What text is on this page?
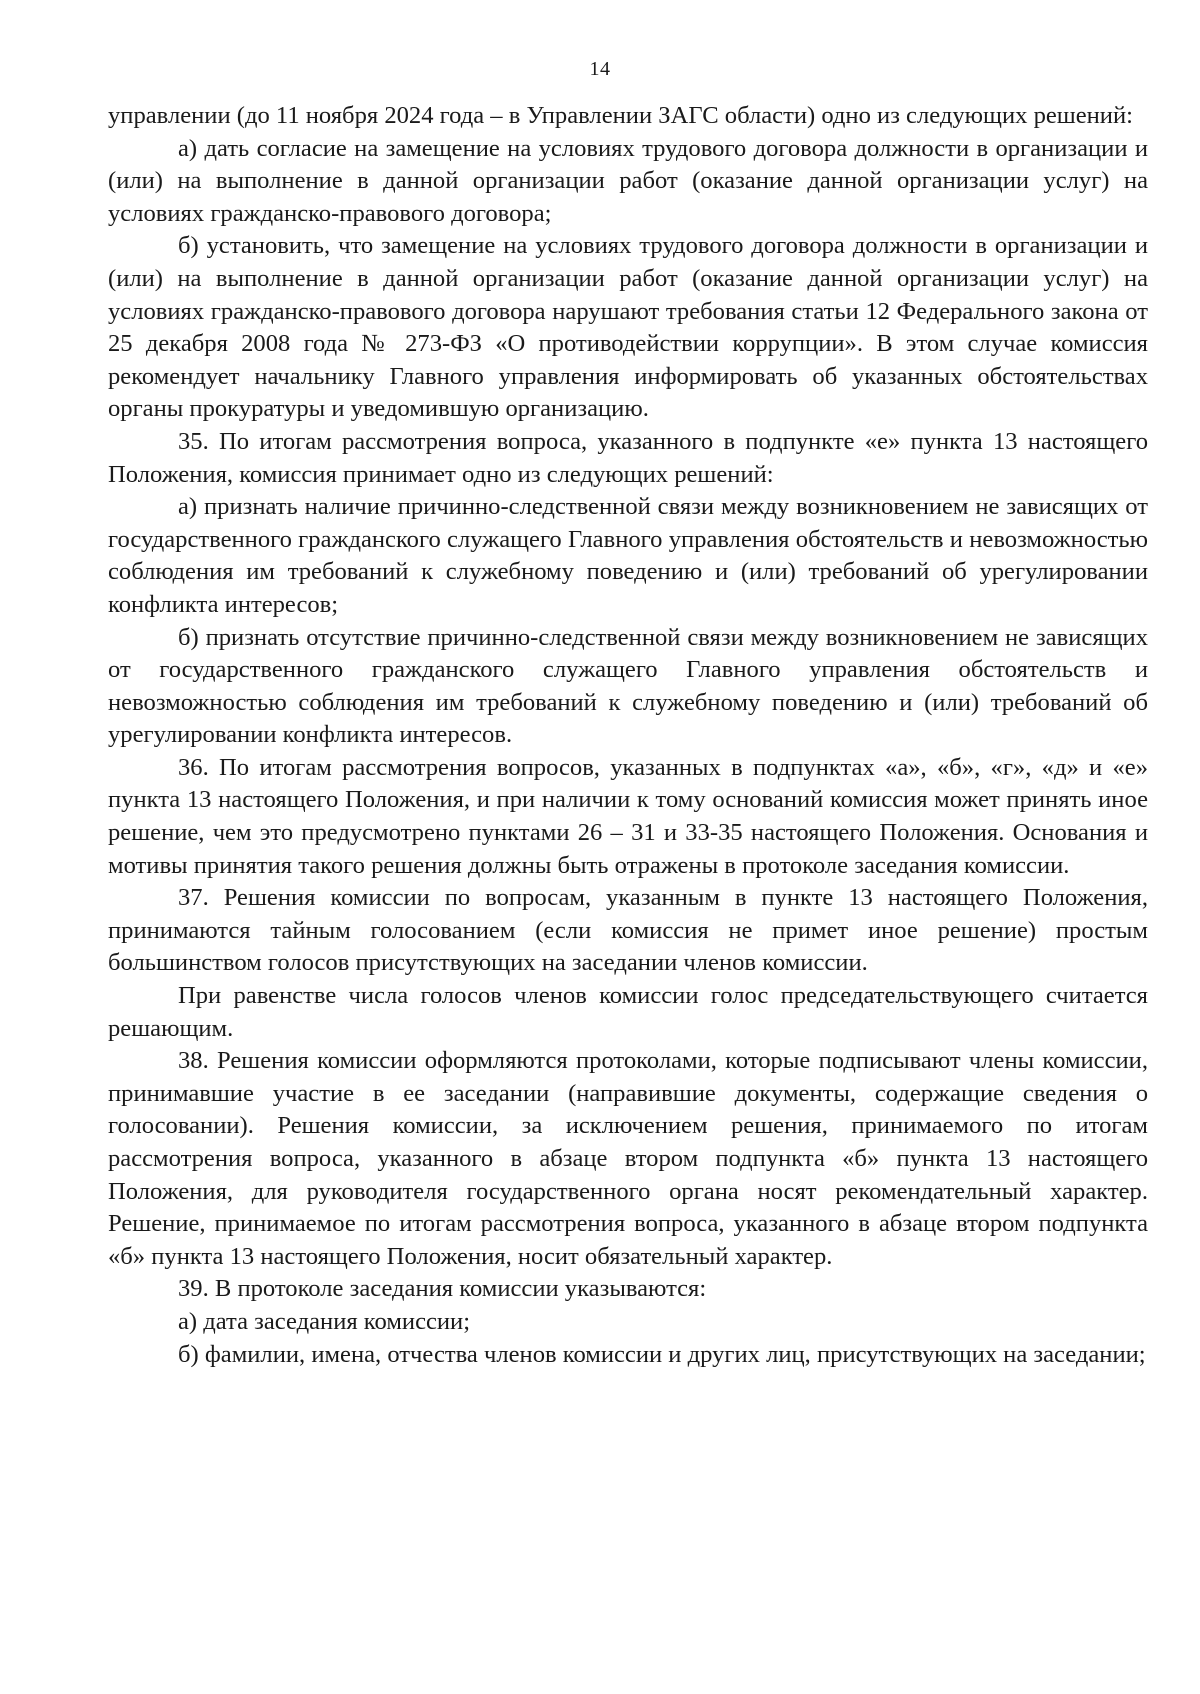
14

управлении (до 11 ноября 2024 года – в Управлении ЗАГС области) одно из следующих решений:

а) дать согласие на замещение на условиях трудового договора должности в организации и (или) на выполнение в данной организации работ (оказание данной организации услуг) на условиях гражданско-правового договора;

б) установить, что замещение на условиях трудового договора должности в организации и (или) на выполнение в данной организации работ (оказание данной организации услуг) на условиях гражданско-правового договора нарушают требования статьи 12 Федерального закона от 25 декабря 2008 года № 273-ФЗ «О противодействии коррупции». В этом случае комиссия рекомендует начальнику Главного управления информировать об указанных обстоятельствах органы прокуратуры и уведомившую организацию.

35. По итогам рассмотрения вопроса, указанного в подпункте «е» пункта 13 настоящего Положения, комиссия принимает одно из следующих решений:

а) признать наличие причинно-следственной связи между возникновением не зависящих от государственного гражданского служащего Главного управления обстоятельств и невозможностью соблюдения им требований к служебному поведению и (или) требований об урегулировании конфликта интересов;

б) признать отсутствие причинно-следственной связи между возникновением не зависящих от государственного гражданского служащего Главного управления обстоятельств и невозможностью соблюдения им требований к служебному поведению и (или) требований об урегулировании конфликта интересов.

36. По итогам рассмотрения вопросов, указанных в подпунктах «а», «б», «г», «д» и «е» пункта 13 настоящего Положения, и при наличии к тому оснований комиссия может принять иное решение, чем это предусмотрено пунктами 26 – 31 и 33-35 настоящего Положения. Основания и мотивы принятия такого решения должны быть отражены в протоколе заседания комиссии.

37. Решения комиссии по вопросам, указанным в пункте 13 настоящего Положения, принимаются тайным голосованием (если комиссия не примет иное решение) простым большинством голосов присутствующих на заседании членов комиссии.

При равенстве числа голосов членов комиссии голос председательствующего считается решающим.

38. Решения комиссии оформляются протоколами, которые подписывают члены комиссии, принимавшие участие в ее заседании (направившие документы, содержащие сведения о голосовании). Решения комиссии, за исключением решения, принимаемого по итогам рассмотрения вопроса, указанного в абзаце втором подпункта «б» пункта 13 настоящего Положения, для руководителя государственного органа носят рекомендательный характер. Решение, принимаемое по итогам рассмотрения вопроса, указанного в абзаце втором подпункта «б» пункта 13 настоящего Положения, носит обязательный характер.

39. В протоколе заседания комиссии указываются:

а) дата заседания комиссии;

б) фамилии, имена, отчества членов комиссии и других лиц, присутствующих на заседании;
